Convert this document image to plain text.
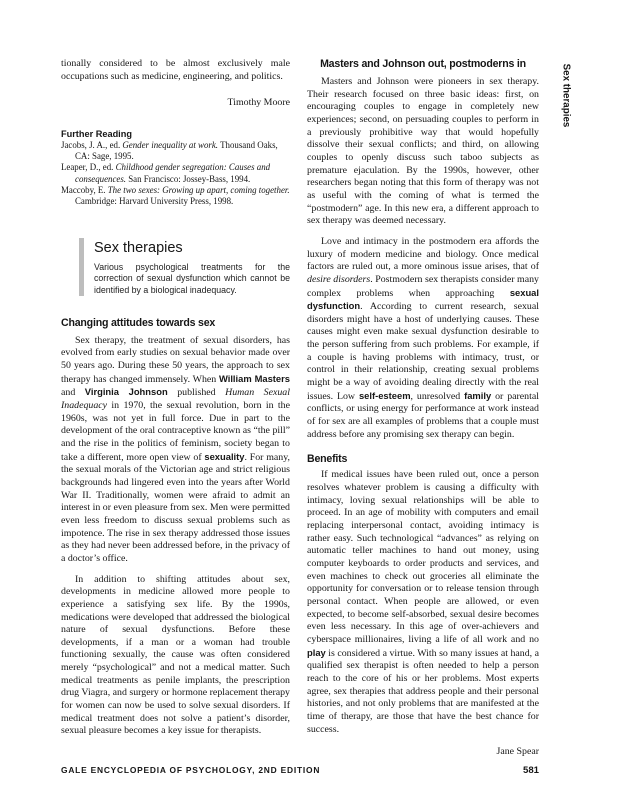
Sex therapies

tionally considered to be almost exclusively male occupations such as medicine, engineering, and politics.

Timothy Moore
Further Reading

Jacobs, J. A., ed. Gender inequality at work. Thousand Oaks, CA: Sage, 1995.

Leaper, D., ed. Childhood gender segregation: Causes and consequences. San Francisco: Jossey-Bass, 1994.

Maccoby, E. The two sexes: Growing up apart, coming together. Cambridge: Harvard University Press, 1998.

Sex therapies

Various psychological treatments for the correction of sexual dysfunction which cannot be identified by a biological inadequacy.

Changing attitudes towards sex

Sex therapy, the treatment of sexual disorders, has evolved from early studies on sexual behavior made over 50 years ago. During these 50 years, the approach to sex therapy has changed immensely. When William Masters and Virginia Johnson published Human Sexual Inadequacy in 1970, the sexual revolution, born in the 1960s, was not yet in full force. Due in part to the development of the oral contraceptive known as “the pill” and the rise in the politics of feminism, society began to take a different, more open view of sexuality. For many, the sexual morals of the Victorian age and strict religious backgrounds had lingered even into the years after World War II. Traditionally, women were afraid to admit an interest in or even pleasure from sex. Men were permitted even less freedom to discuss sexual problems such as impotence. The rise in sex therapy addressed those issues as they had never been addressed before, in the privacy of a doctor’s office.

In addition to shifting attitudes about sex, developments in medicine allowed more people to experience a satisfying sex life. By the 1990s, medications were developed that addressed the biological nature of sexual dysfunctions. Before these developments, if a man or a woman had trouble functioning sexually, the cause was often considered merely “psychological” and not a medical matter. Such medical treatments as penile implants, the prescription drug Viagra, and surgery or hormone replacement therapy for women can now be used to solve sexual disorders. If medical treatment does not solve a patient’s disorder, sexual pleasure becomes a key issue for therapists.

Masters and Johnson out, postmoderns in

Masters and Johnson were pioneers in sex therapy. Their research focused on three basic ideas: first, on encouraging couples to engage in completely new experiences; second, on persuading couples to perform in a previously prohibitive way that would hopefully dissolve their sexual conflicts; and third, on allowing couples to openly discuss such taboo subjects as premature ejaculation. By the 1990s, however, other researchers began noting that this form of therapy was not as useful with the coming of what is termed the “postmodern” age. In this new era, a different approach to sex therapy was deemed necessary.

Love and intimacy in the postmodern era affords the luxury of modern medicine and biology. Once medical factors are ruled out, a more ominous issue arises, that of desire disorders. Postmodern sex therapists consider many complex problems when approaching sexual dysfunction. According to current research, sexual disorders might have a host of underlying causes. These causes might even make sexual dysfunction desirable to the person suffering from such problems. For example, if a couple is having problems with intimacy, trust, or control in their relationship, creating sexual problems might be a way of avoiding dealing directly with the real issues. Low self-esteem, unresolved family or parental conflicts, or using energy for performance at work instead of for sex are all examples of problems that a couple must address before any promising sex therapy can begin.

Benefits

If medical issues have been ruled out, once a person resolves whatever problem is causing a difficulty with intimacy, loving sexual relationships will be able to proceed. In an age of mobility with computers and email replacing interpersonal contact, avoiding intimacy is rather easy. Such technological “advances” as relying on automatic teller machines to hand out money, using computer keyboards to order products and services, and even machines to check out groceries all eliminate the opportunity for conversation or to release tension through personal contact. When people are allowed, or even expected, to become self-absorbed, sexual desire becomes even less necessary. In this age of over-achievers and cyberspace millionaires, living a life of all work and no play is considered a virtue. With so many issues at hand, a qualified sex therapist is often needed to help a person reach to the core of his or her problems. Most experts agree, sex therapies that address people and their personal histories, and not only problems that are manifested at the time of therapy, are those that have the best chance for success.

Jane Spear
GALE ENCYCLOPEDIA OF PSYCHOLOGY, 2ND EDITION	581
